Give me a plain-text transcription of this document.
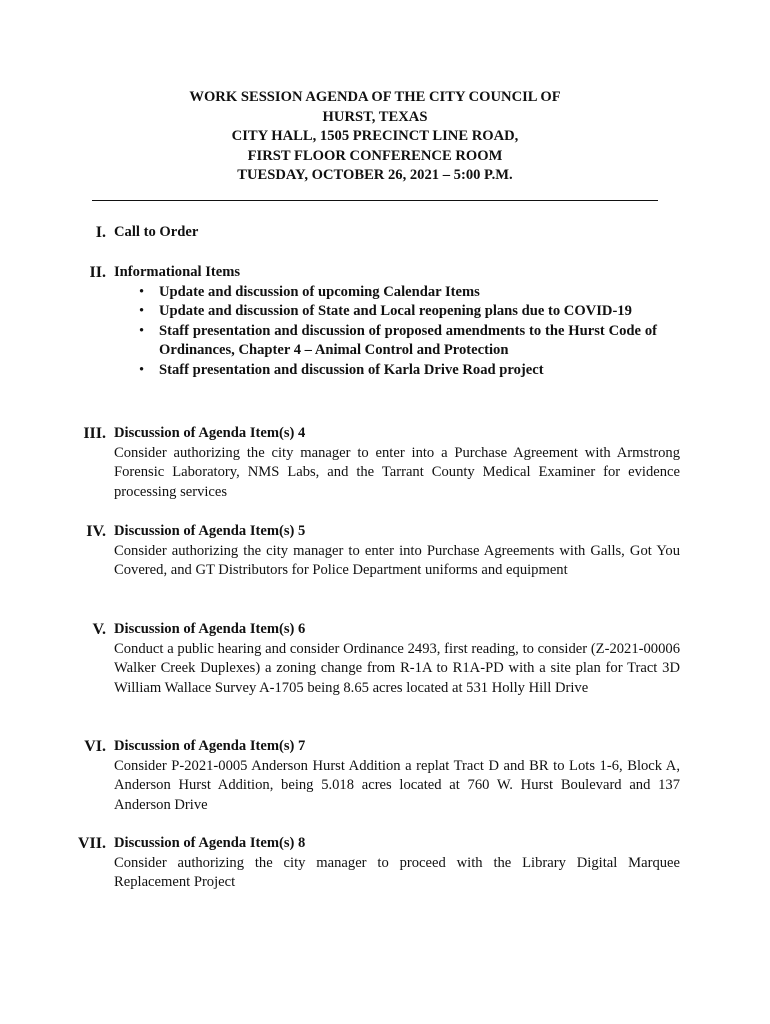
WORK SESSION AGENDA OF THE CITY COUNCIL OF
HURST, TEXAS
CITY HALL, 1505 PRECINCT LINE ROAD,
FIRST FLOOR CONFERENCE ROOM
TUESDAY, OCTOBER 26, 2021 – 5:00 P.M.
I. Call to Order
II. Informational Items
• Update and discussion of upcoming Calendar Items
• Update and discussion of State and Local reopening plans due to COVID-19
• Staff presentation and discussion of proposed amendments to the Hurst Code of Ordinances, Chapter 4 – Animal Control and Protection
• Staff presentation and discussion of Karla Drive Road project
III. Discussion of Agenda Item(s) 4
Consider authorizing the city manager to enter into a Purchase Agreement with Armstrong Forensic Laboratory, NMS Labs, and the Tarrant County Medical Examiner for evidence processing services
IV. Discussion of Agenda Item(s) 5
Consider authorizing the city manager to enter into Purchase Agreements with Galls, Got You Covered, and GT Distributors for Police Department uniforms and equipment
V. Discussion of Agenda Item(s) 6
Conduct a public hearing and consider Ordinance 2493, first reading, to consider (Z-2021-00006 Walker Creek Duplexes) a zoning change from R-1A to R1A-PD with a site plan for Tract 3D William Wallace Survey A-1705 being 8.65 acres located at 531 Holly Hill Drive
VI. Discussion of Agenda Item(s) 7
Consider P-2021-0005 Anderson Hurst Addition a replat Tract D and BR to Lots 1-6, Block A, Anderson Hurst Addition, being 5.018 acres located at 760 W. Hurst Boulevard and 137 Anderson Drive
VII. Discussion of Agenda Item(s) 8
Consider authorizing the city manager to proceed with the Library Digital Marquee Replacement Project
